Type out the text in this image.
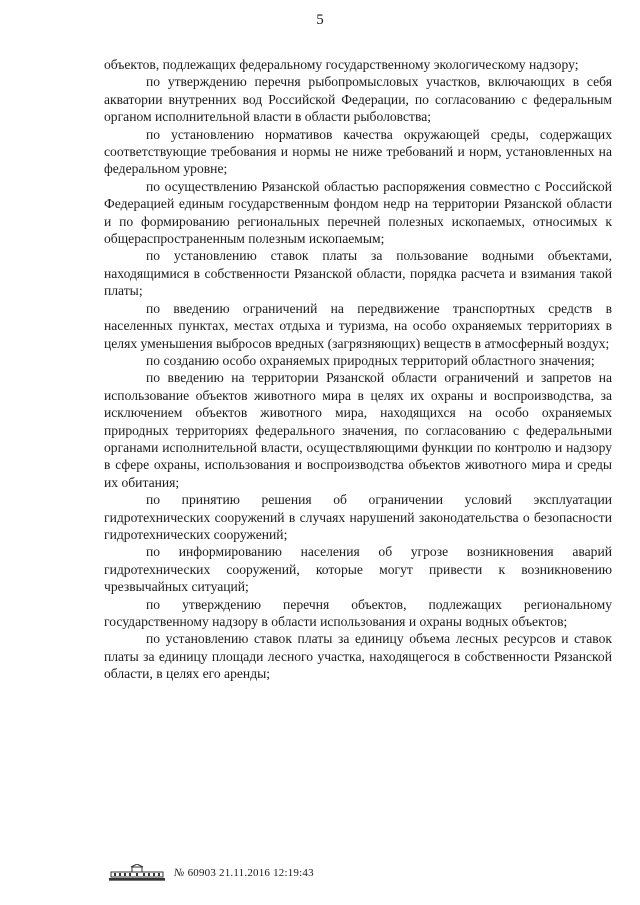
5

объектов, подлежащих федеральному государственному экологическому надзору;

по утверждению перечня рыбопромысловых участков, включающих в себя акватории внутренних вод Российской Федерации, по согласованию с федеральным органом исполнительной власти в области рыболовства;

по установлению нормативов качества окружающей среды, содержащих соответствующие требования и нормы не ниже требований и норм, установленных на федеральном уровне;

по осуществлению Рязанской областью распоряжения совместно с Российской Федерацией единым государственным фондом недр на территории Рязанской области и по формированию региональных перечней полезных ископаемых, относимых к общераспространенным полезным ископаемым;

по установлению ставок платы за пользование водными объектами, находящимися в собственности Рязанской области, порядка расчета и взимания такой платы;

по введению ограничений на передвижение транспортных средств в населенных пунктах, местах отдыха и туризма, на особо охраняемых территориях в целях уменьшения выбросов вредных (загрязняющих) веществ в атмосферный воздух;

по созданию особо охраняемых природных территорий областного значения;

по введению на территории Рязанской области ограничений и запретов на использование объектов животного мира в целях их охраны и воспроизводства, за исключением объектов животного мира, находящихся на особо охраняемых природных территориях федерального значения, по согласованию с федеральными органами исполнительной власти, осуществляющими функции по контролю и надзору в сфере охраны, использования и воспроизводства объектов животного мира и среды их обитания;

по принятию решения об ограничении условий эксплуатации гидротехнических сооружений в случаях нарушений законодательства о безопасности гидротехнических сооружений;

по информированию населения об угрозе возникновения аварий гидротехнических сооружений, которые могут привести к возникновению чрезвычайных ситуаций;

по утверждению перечня объектов, подлежащих региональному государственному надзору в области использования и охраны водных объектов;

по установлению ставок платы за единицу объема лесных ресурсов и ставок платы за единицу площади лесного участка, находящегося в собственности Рязанской области, в целях его аренды;

№ 60903 21.11.2016 12:19:43
